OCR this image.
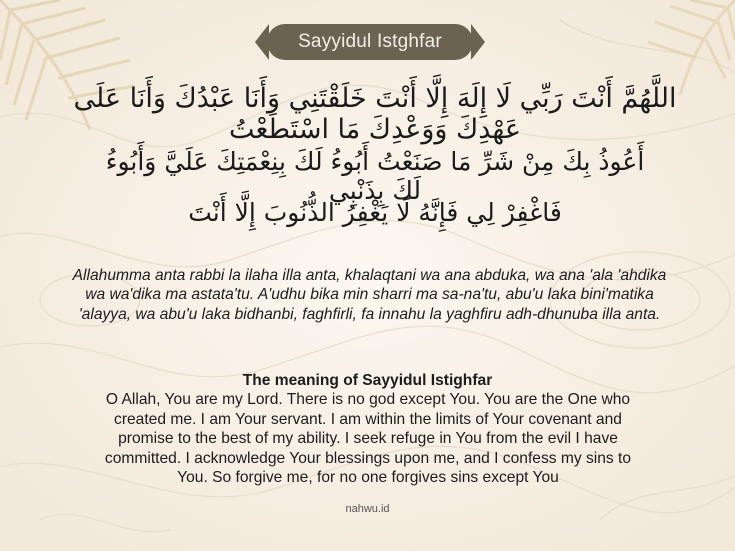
Sayyidul Istghfar
اللَّهُمَّ أَنْتَ رَبِّي لَا إِلَهَ إِلَّا أَنْتَ خَلَقْتَنِي وَأَنَا عَبْدُكَ وَأَنَا عَلَى عَهْدِكَ وَوَعْدِكَ مَا اسْتَطَعْتُ
أَعُوذُ بِكَ مِنْ شَرِّ مَا صَنَعْتُ أَبُوءُ لَكَ بِنِعْمَتِكَ عَلَيَّ وَأَبُوءُ لَكَ بِذَنْبِي
فَاغْفِرْ لِي فَإِنَّهُ لَا يَغْفِرُ الذُّنُوبَ إِلَّا أَنْتَ
Allahumma anta rabbi la ilaha illa anta, khalaqtani wa ana abduka, wa ana 'ala 'ahdika wa wa'dika ma astata'tu. A'udhu bika min sharri ma sa-na'tu, abu'u laka bini'matika 'alayya, wa abu'u laka bidhanbi, faghfirli, fa innahu la yaghfiru adh-dhunuba illa anta.
The meaning of Sayyidul Istighfar
O Allah, You are my Lord. There is no god except You. You are the One who created me. I am Your servant. I am within the limits of Your covenant and promise to the best of my ability. I seek refuge in You from the evil I have committed. I acknowledge Your blessings upon me, and I confess my sins to You. So forgive me, for no one forgives sins except You
nahwu.id
